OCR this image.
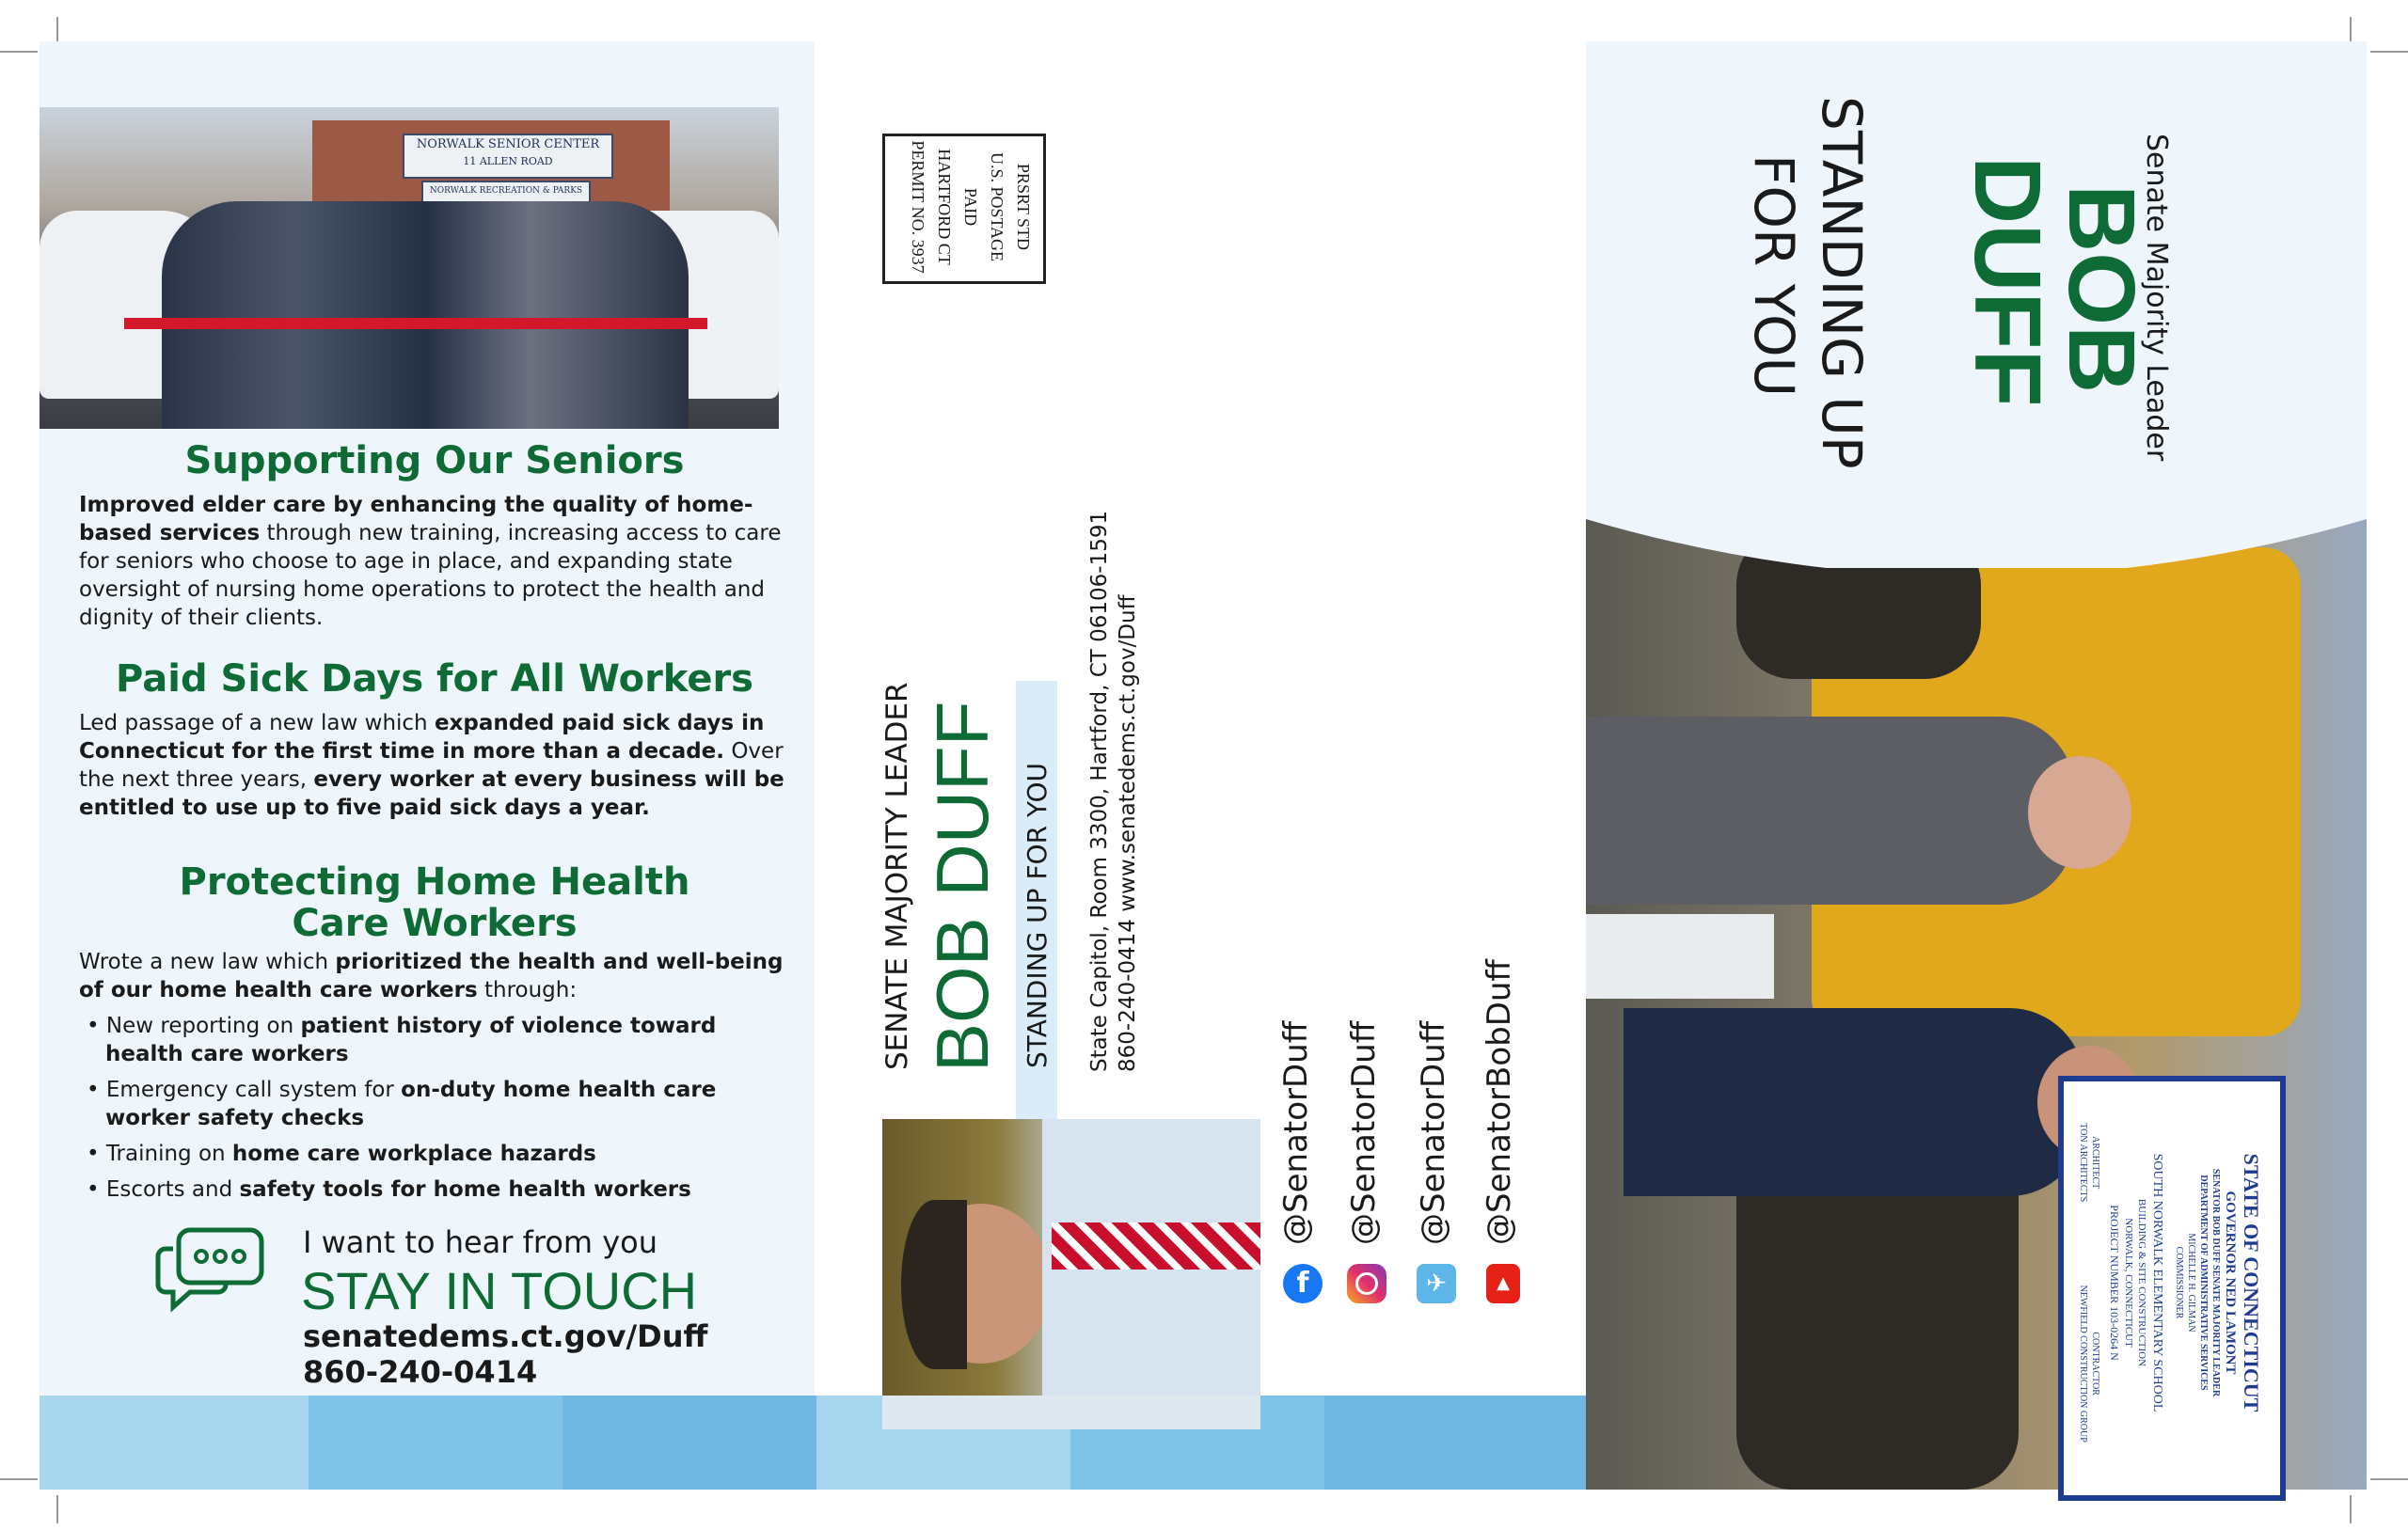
NORWALK SENIOR CENTER
11 ALLEN ROAD
NORWALK RECREATION & PARKS
Supporting Our Seniors
Improved elder care by enhancing the quality of home-based services through new training, increasing access to care for seniors who choose to age in place, and expanding state oversight of nursing home operations to protect the health and dignity of their clients.
Paid Sick Days for All Workers
Led passage of a new law which expanded paid sick days in Connecticut for the first time in more than a decade. Over the next three years, every worker at every business will be entitled to use up to five paid sick days a year.
Protecting Home Health
Care Workers
Wrote a new law which prioritized the health and well-being of our home health care workers through:

• New reporting on patient history of violence toward health care workers

• Emergency call system for on-duty home health care worker safety checks

• Training on home care workplace hazards

• Escorts and safety tools for home health workers

I want to hear from you
STAY IN TOUCH
senatedems.ct.gov/Duff
860-240-0414
PRSRT STD
U.S. POSTAGE
PAID
HARTFORD CT
PERMIT NO. 3937
SENATE MAJORITY LEADER BOB DUFF STANDING UP FOR YOU State Capitol, Room 3300, Hartford, CT 06106-1591 860-240-0414 www.senatedems.ct.gov/Duff
f
@SenatorDuff @SenatorDuff
✈
@SenatorDuff
▲
@SenatorBobDuff
STATE OF CONNECTICUT
GOVERNOR NED LAMONT
SENATOR BOB DUFF SENATE MAJORITY LEADER
DEPARTMENT OF ADMINISTRATIVE SERVICES
MICHELLE H. GILMAN
COMMISSIONER
SOUTH NORWALK ELEMENTARY SCHOOL
BUILDING & SITE CONSTRUCTION
NORWALK, CONNECTICUT
PROJECT NUMBER 103-0264 N
ARCHITECT
TON ARCHITECTS
CONTRACTOR
NEWFIELD CONSTRUCTION GROUP
Senate Majority Leader
BOB
DUFF
STANDING UP
FOR YOU
